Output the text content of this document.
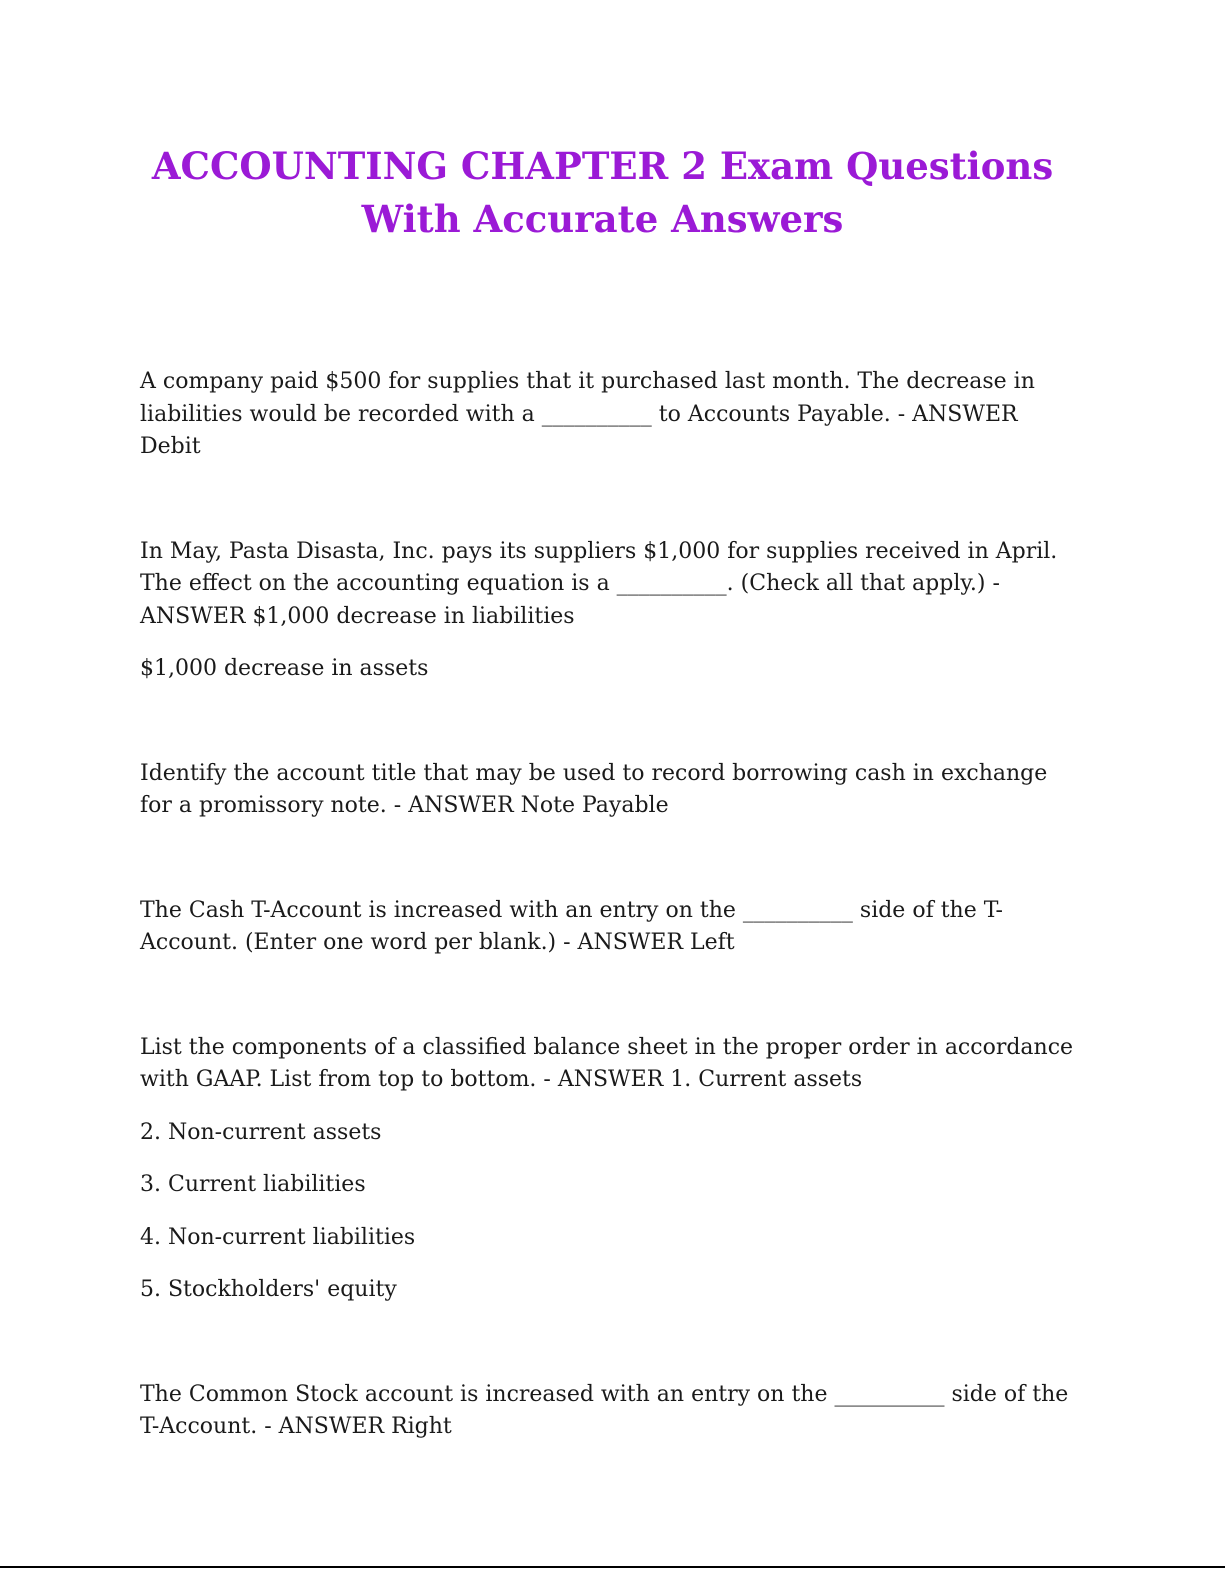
ACCOUNTING CHAPTER 2 Exam Questions With Accurate Answers

A company paid $500 for supplies that it purchased last month. The decrease in liabilities would be recorded with a __________ to Accounts Payable. - ANSWER Debit

In May, Pasta Disasta, Inc. pays its suppliers $1,000 for supplies received in April. The effect on the accounting equation is a __________. (Check all that apply.) - ANSWER $1,000 decrease in liabilities

$1,000 decrease in assets

Identify the account title that may be used to record borrowing cash in exchange for a promissory note. - ANSWER Note Payable

The Cash T-Account is increased with an entry on the __________ side of the T-Account. (Enter one word per blank.) - ANSWER Left

List the components of a classified balance sheet in the proper order in accordance with GAAP. List from top to bottom. - ANSWER 1. Current assets

2. Non-current assets

3. Current liabilities

4. Non-current liabilities

5. Stockholders' equity

The Common Stock account is increased with an entry on the __________ side of the T-Account. - ANSWER Right
